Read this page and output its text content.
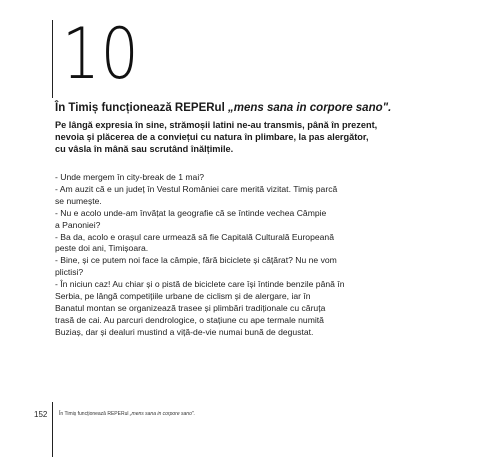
10
În Timiș funcționează REPERul „mens sana in corpore sano".

Pe lângă expresia în sine, strămoșii latini ne-au transmis, până în prezent,

nevoia și plăcerea de a conviețui cu natura în plimbare, la pas alergător,

cu vâsla în mână sau scrutând înălțimile.

- Unde mergem în city-break de 1 mai?

- Am auzit că e un județ în Vestul României care merită vizitat. Timiș parcă

se numește.

- Nu e acolo unde-am învățat la geografie că se întinde vechea Câmpie

a Panoniei?

- Ba da, acolo e orașul care urmează să fie Capitală Culturală Europeană

peste doi ani, Timișoara.

- Bine, și ce putem noi face la câmpie, fără biciclete și cățărat? Nu ne vom

plictisi?

- În niciun caz! Au chiar și o pistă de biciclete care își întinde benzile până în

Serbia, pe lângă competițiile urbane de ciclism și de alergare, iar în

Banatul montan se organizează trasee și plimbări tradiționale cu căruța

trasă de cai. Au parcuri dendrologice, o stațiune cu ape termale numită

Buziaș, dar și dealuri mustind a viță-de-vie numai bună de degustat.

152 În Timiș funcționează REPERul „mens sana in corpore sano".
